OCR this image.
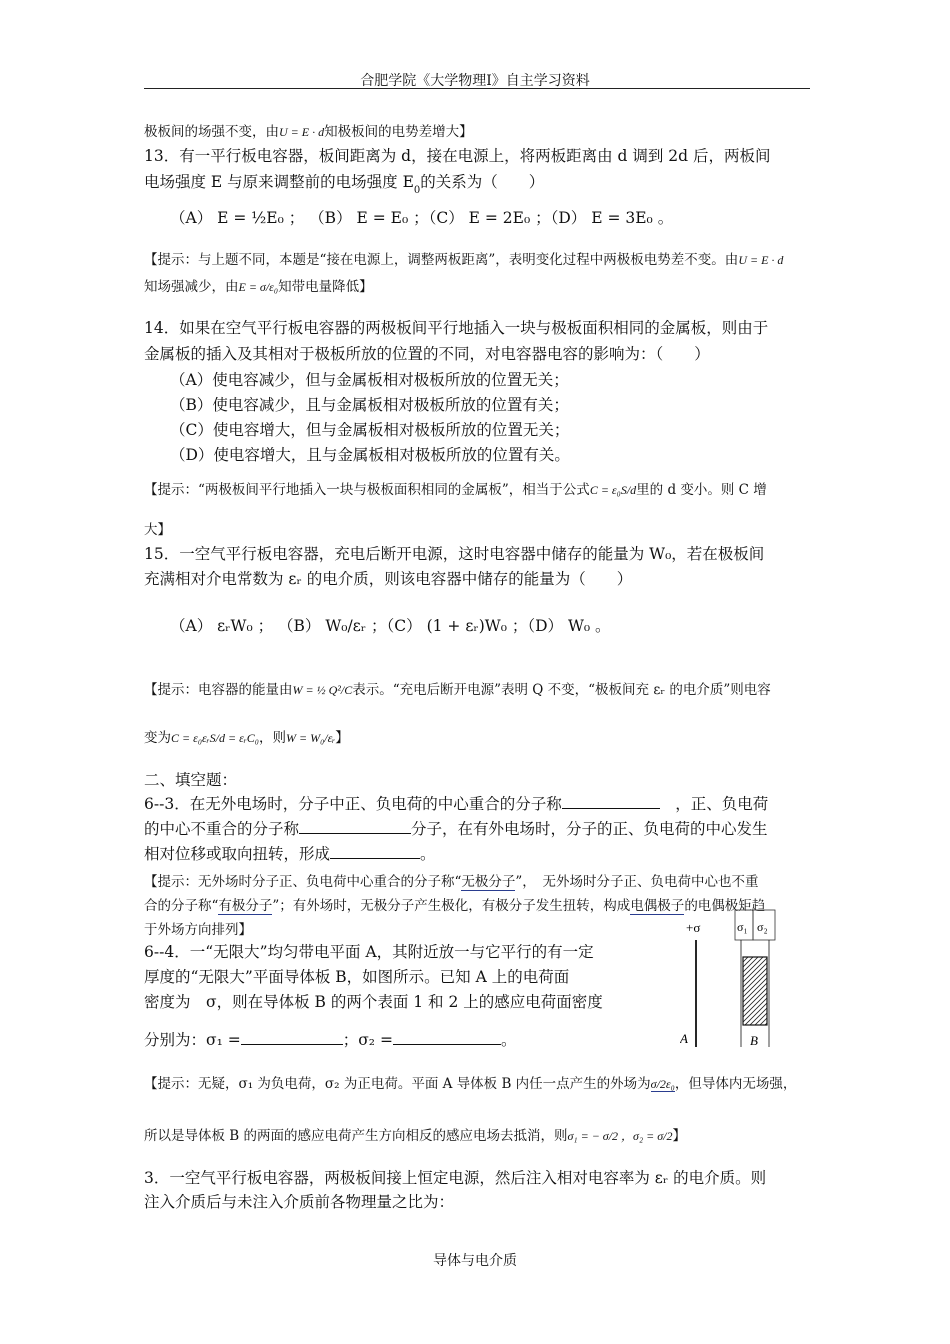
合肥学院《大学物理Ⅰ》自主学习资料
极板间的场强不变，由U = E · d知极板间的电势差增大】
13．有一平行板电容器，板间距离为 d，接在电源上，将两板距离由 d 调到 2d 后，两板间
电场强度 E 与原来调整前的电场强度 $E_0$的关系为（　　）
（A） E = ½E₀ ； （B） E = E₀ ；（C） E = 2E₀ ；（D） E = 3E₀ 。
【提示：与上题不同，本题是“接在电源上，调整两板距离”，表明变化过程中两极板电势差不变。由U = E · d
知场强减少，由E = σ/ε₀知带电量降低】
14．如果在空气平行板电容器的两极板间平行地插入一块与极板面积相同的金属板，则由于
金属板的插入及其相对于极板所放的位置的不同，对电容器电容的影响为：（　　）
（A）使电容减少，但与金属板相对极板所放的位置无关；
（B）使电容减少，且与金属板相对极板所放的位置有关；
（C）使电容增大，但与金属板相对极板所放的位置无关；
（D）使电容增大，且与金属板相对极板所放的位置有关。
【提示：“两极板间平行地插入一块与极板面积相同的金属板”，相当于公式C = ε₀S/d里的 d 变小。则 C 增
大】
15．一空气平行板电容器，充电后断开电源，这时电容器中储存的能量为 W₀，若在极板间
充满相对介电常数为 εᵣ 的电介质，则该电容器中储存的能量为（　　）
（A） εᵣW₀ ； （B） W₀/εᵣ ；（C） (1 + εᵣ)W₀ ；（D） W₀ 。
【提示：电容器的能量由W = ½ Q²/C表示。“充电后断开电源”表明 Q 不变，“极板间充 εᵣ 的电介质”则电容
变为C = ε₀εᵣS/d = εᵣC₀，则W = W₀/εᵣ】
二、填空题：
6--3．在无外电场时，分子中正、负电荷的中心重合的分子称　	，正、负电荷
的中心不重合的分子称	分子，在有外电场时，分子的正、负电荷的中心发生
相对位移或取向扭转，形成	。
【提示：无外场时分子正、负电荷中心重合的分子称“无极分子”，　无外场时分子正、负电荷中心也不重
合的分子称“有极分子”；有外场时，无极分子产生极化，有极分子发生扭转，构成电偶极子的电偶极矩趋
于外场方向排列】
6--4．一“无限大”均匀带电平面 A，其附近放一与它平行的有一定
厚度的“无限大”平面导体板 B，如图所示。已知 A 上的电荷面
密度为　σ，则在导体板 B 的两个表面 1 和 2 上的感应电荷面密度
分别为：σ₁ =	；σ₂ =	。
+σ	σ₁ σ₂
A	B
【提示：无疑，σ₁ 为负电荷，σ₂ 为正电荷。平面 A 导体板 B 内任一点产生的外场为σ/2ε₀，但导体内无场强，
所以是导体板 B 的两面的感应电荷产生方向相反的感应电场去抵消，则σ₁ = − σ/2 ，σ₂ = σ/2】
3．一空气平行板电容器，两极板间接上恒定电源，然后注入相对电容率为 εᵣ 的电介质。则
注入介质后与未注入介质前各物理量之比为：
导体与电介质
